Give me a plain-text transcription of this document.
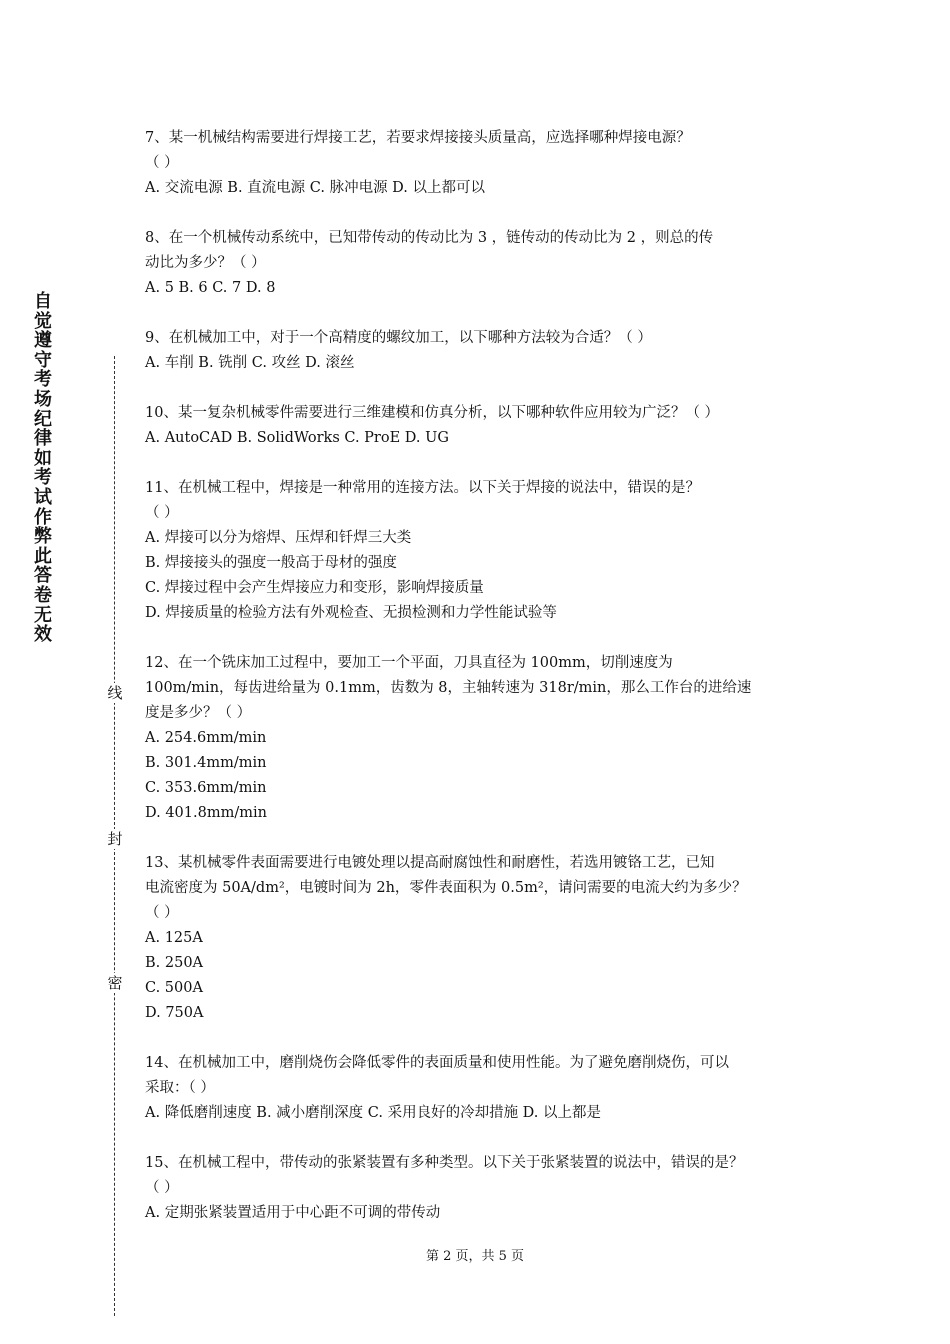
自觉遵守考场纪律如考试作弊此答卷无效
线
封
密

7、某一机械结构需要进行焊接工艺，若要求焊接接头质量高，应选择哪种焊接电源？
（ ）

A. 交流电源 B. 直流电源 C. 脉冲电源 D. 以上都可以

8、在一个机械传动系统中，已知带传动的传动比为 3 ，链传动的传动比为 2 ，则总的传
动比为多少？（ ）

A. 5 B. 6 C. 7 D. 8

9、在机械加工中，对于一个高精度的螺纹加工，以下哪种方法较为合适？（ ）

A. 车削 B. 铣削 C. 攻丝 D. 滚丝

10、某一复杂机械零件需要进行三维建模和仿真分析，以下哪种软件应用较为广泛？（ ）

A. AutoCAD B. SolidWorks C. ProE D. UG

11、在机械工程中，焊接是一种常用的连接方法。以下关于焊接的说法中，错误的是？
（ ）

A. 焊接可以分为熔焊、压焊和钎焊三大类
B. 焊接接头的强度一般高于母材的强度
C. 焊接过程中会产生焊接应力和变形，影响焊接质量
D. 焊接质量的检验方法有外观检查、无损检测和力学性能试验等

12、在一个铣床加工过程中，要加工一个平面，刀具直径为 100mm，切削速度为
100m/min，每齿进给量为 0.1mm，齿数为 8，主轴转速为 318r/min，那么工作台的进给速
度是多少？（ ）

A. 254.6mm/min
B. 301.4mm/min
C. 353.6mm/min
D. 401.8mm/min

13、某机械零件表面需要进行电镀处理以提高耐腐蚀性和耐磨性，若选用镀铬工艺，已知
电流密度为 50A/dm²，电镀时间为 2h，零件表面积为 0.5m²，请问需要的电流大约为多少？
（ ）

A. 125A
B. 250A
C. 500A
D. 750A

14、在机械加工中，磨削烧伤会降低零件的表面质量和使用性能。为了避免磨削烧伤，可以
采取：（ ）

A. 降低磨削速度 B. 减小磨削深度 C. 采用良好的冷却措施 D. 以上都是

15、在机械工程中，带传动的张紧装置有多种类型。以下关于张紧装置的说法中，错误的是？
（ ）

A. 定期张紧装置适用于中心距不可调的带传动
第 2 页，共 5 页
